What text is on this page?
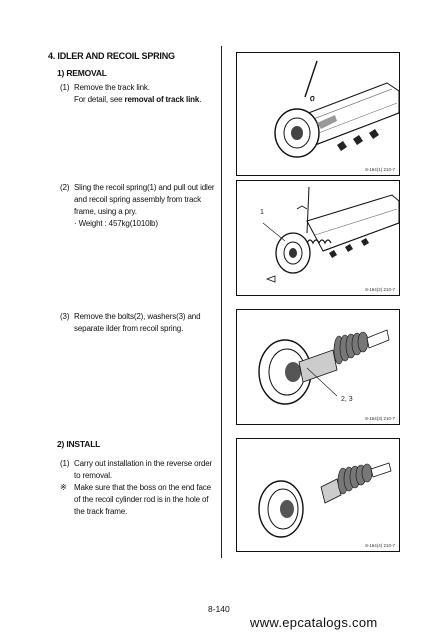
4. IDLER AND RECOIL SPRING
1) REMOVAL
(1) Remove the track link.
For detail, see removal of track link.
(2) Sling the recoil spring(1) and pull out idler
and recoil spring assembly from track
frame, using a pry.
· Weight : 457kg(1010lb)
(3) Remove the bolts(2), washers(3) and
separate ilder from recoil spring.
2) INSTALL
(1) Carry out installation in the reverse order
to removal.
※ Make sure that the boss on the end face
of the recoil cylinder rod is in the hole of
the track frame.
8-164(1) 210-7
1
8-164(2) 210-7
2, 3
8-164(3) 210-7
8-164(4) 210-7
8-140
www.epcatalogs.com
